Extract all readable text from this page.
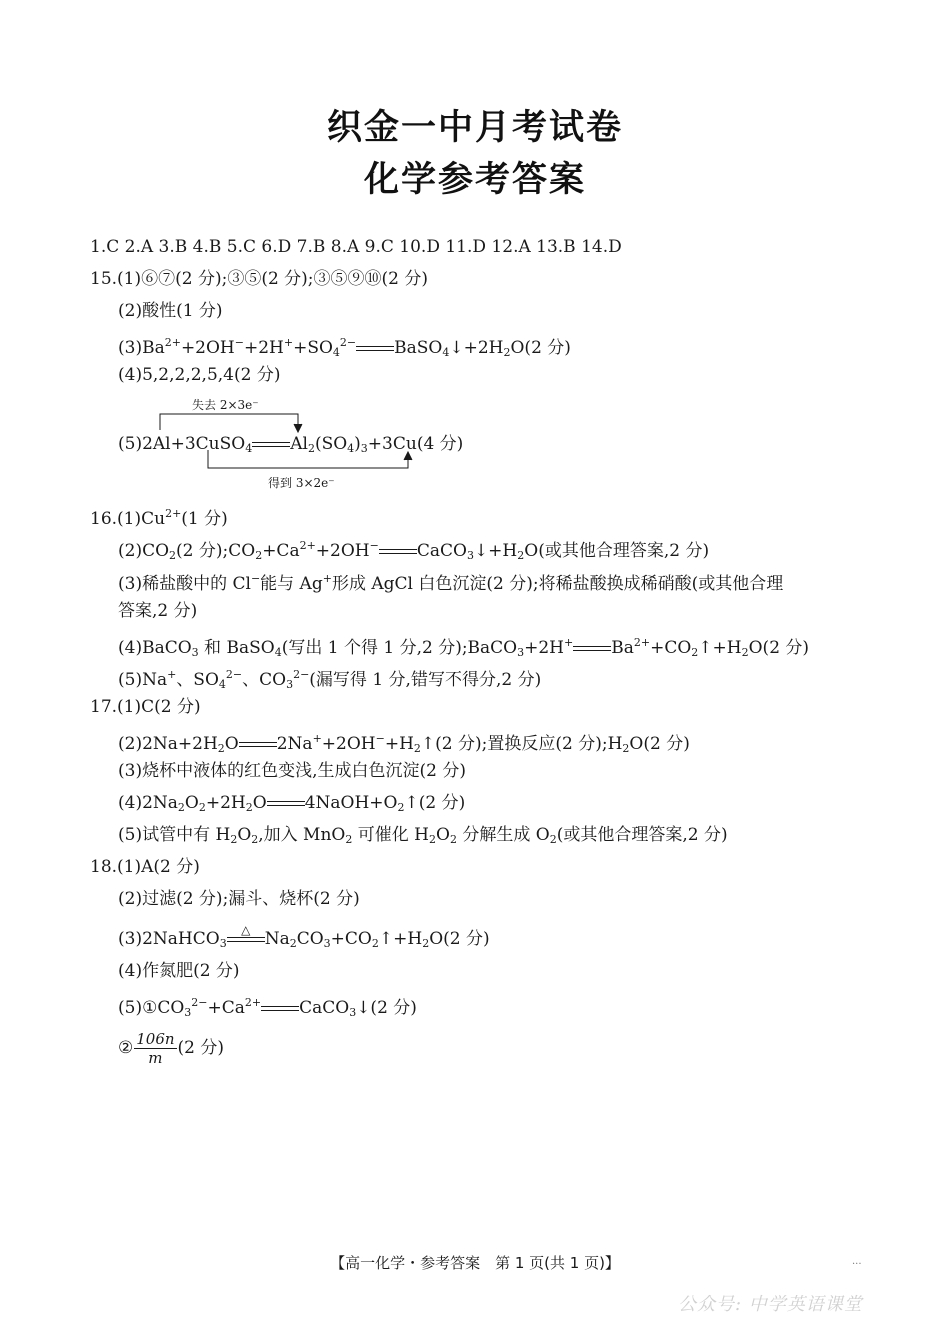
织金一中月考试卷
化学参考答案
1.C 2.A 3.B 4.B 5.C 6.D 7.B 8.A 9.C 10.D 11.D 12.A 13.B 14.D
15.(1)⑥⑦(2 分);③⑤(2 分);③⑤⑨⑩(2 分)
(2)酸性(1 分)
$(3)Ba^{2+}+2OH^-+2H^++SO_4^{2-}$ $BaSO_4↓+2H_2O(2$ 分)
(4)5,2,2,2,5,4(2 分)
失去 2×3e⁻
得到 3×2e⁻
(5)2Al+3CuSO$_4$ $Al_2(SO_4)_3+3Cu(4$ 分)
$16.(1)Cu^{2+}(1$ 分)
$(2)CO_2(2$ 分)$;CO_2+Ca^{2+}+2OH^-$ $CaCO_3↓+H_2O$(或其他合理答案,2 分)
(3)稀盐酸中的 Cl−能与 Ag+形成 AgCl 白色沉淀(2 分);将稀盐酸换成稀硝酸(或其他合理
答案,2 分)
(4)BaCO$_3$ 和 BaSO$_4$(写出 1 个得 1 分,2 分);BaCO$_3$+2H+ $Ba^{2+}+CO_2↑+H_2O(2$ 分)
(5)Na+、$SO_4^{2-}$、$CO_3^{2-}$(漏写得 1 分,错写不得分,2 分)
17.(1)C(2 分)
$(2)2Na+2H_2O$ $2Na^++2OH^-+H_2↑(2$ 分);置换反应(2 分)$;H_2O(2$ 分)
(3)烧杯中液体的红色变浅,生成白色沉淀(2 分)
$(4)2Na_2O_2+2H_2O$ $4NaOH+O_2↑(2$ 分)
(5)试管中有 $H_2O_2$,加入 MnO$_2$ 可催化 $H_2O_2$ 分解生成 $O_2$(或其他合理答案,2 分)
18.(1)A(2 分)
(2)过滤(2 分);漏斗、烧杯(2 分)
(3)2NaHCO$_3$
△ $Na_2CO_3+CO_2↑+H_2O(2$ 分)
(4)作氮肥(2 分)
$(5)①CO_3^{2-}+Ca^{2+}$ CaCO$_3$↓(2 分)
② $\frac{106n}{m} (2$ 分)
【高一化学・参考答案　第 1 页(共 1 页)】	...
公众号: 中学英语课堂
